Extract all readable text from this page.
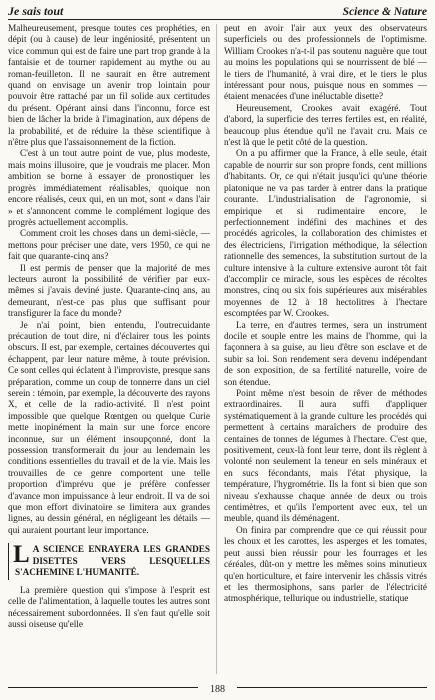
Je sais tout	Science & Nature

Malheureusement, presque toutes ces prophéties, en dépit (ou à cause) de leur ingéniosité, présentent un vice commun qui est de faire une part trop grande à la fantaisie et de tourner rapidement au mythe ou au roman-feuilleton. Il ne saurait en être autrement quand on envisage un avenir trop lointain pour pouvoir être rattaché par un fil solide aux certitudes du présent. Opérant ainsi dans l'inconnu, force est bien de lâcher la bride à l'imagination, aux dépens de la probabilité, et de réduire la thèse scientifique à n'être plus que l'assaisonnement de la fiction.

C'est à un tout autre point de vue, plus modeste, mais moins illusoire, que je voudrais me placer. Mon ambition se borne à essayer de pronostiquer les progrès immédiatement réalisables, quoique non encore réalisés, ceux qui, en un mot, sont « dans l'air » et s'annoncent comme le complément logique des progrès actuellement accomplis.

Comment croit les choses dans un demi-siècle, — mettons pour préciser une date, vers 1950, ce qui ne fait que quarante-cinq ans?

Il est permis de penser que la majorité de mes lecteurs auront la possibilité de vérifier par eux-mêmes si j'avais deviné juste. Quarante-cinq ans, au demeurant, n'est-ce pas plus que suffisant pour transfigurer la face du monde?

Je n'ai point, bien entendu, l'outrecuidante précaution de tout dire, ni d'éclairer tous les points obscurs. Il est, par exemple, certaines découvertes qui échappent, par leur nature même, à toute prévision. Ce sont celles qui éclatent à l'improviste, presque sans préparation, comme un coup de tonnerre dans un ciel serein : témoin, par exemple, la découverte des rayons X, et celle de la radio-activité. Il n'est point impossible que quelque Rœntgen ou quelque Curie mette inopinément la main sur une force encore inconnue, sur un élément insoupçonné, dont la possession transformerait du jour au lendemain les conditions essentielles du travail et de la vie. Mais les trouvailles de ce genre comportent une telle proportion d'imprévu que je préfère confesser d'avance mon impuissance à leur endroit. Il va de soi que mon effort divinatoire se limitera aux grandes lignes, au dessin général, en négligeant les détails — qui auraient pourtant leur importance.

LA SCIENCE ENRAYERA LES GRANDES DISETTES VERS LESQUELLES S'ACHEMINE L'HUMANITÉ.

La première question qui s'impose à l'esprit est celle de l'alimentation, à laquelle toutes les autres sont nécessairement subordonnées. Il s'en faut qu'elle soit aussi oiseuse qu'elle

peut en avoir l'air aux yeux des observateurs superficiels ou des professionnels de l'optimisme. William Crookes n'a-t-il pas soutenu naguère que tout au moins les populations qui se nourrissent de blé — le tiers de l'humanité, à vrai dire, et le tiers le plus intéressant pour nous, puisque nous en sommes — étaient menacées d'une inéluctable disette?

Heureusement, Crookes avait exagéré. Tout d'abord, la superficie des terres fertiles est, en réalité, beaucoup plus étendue qu'il ne l'avait cru. Mais ce n'est là que le petit côté de la question.

On a pu affirmer que la France, à elle seule, était capable de nourrir sur son propre fonds, cent millions d'habitants. Or, ce qui n'était jusqu'ici qu'une théorie platonique ne va pas tarder à entrer dans la pratique courante. L'industrialisation de l'agronomie, si empirique et si rudimentaire encore, le perfectionnement indéfini des machines et des procédés agricoles, la collaboration des chimistes et des électriciens, l'irrigation méthodique, la sélection rationnelle des semences, la substitution surtout de la culture intensive à la culture extensive auront tôt fait d'accomplir ce miracle, sous les espèces de récoltes monstres, cinq ou six fois supérieures aux misérables moyennes de 12 à 18 hectolitres à l'hectare escomptées par W. Crookes.

La terre, en d'autres termes, sera un instrument docile et souple entre les mains de l'homme, qui la façonnera à sa guise, au lieu d'être son esclave et de subir sa loi. Son rendement sera devenu indépendant de son exposition, de sa fertilité naturelle, voire de son étendue.

Point même n'est besoin de rêver de méthodes extraordinaires. Il aura suffi d'appliquer systématiquement à la grande culture les procédés qui permettent à certains maraîchers de produire des centaines de tonnes de légumes à l'hectare. C'est que, positivement, ceux-là font leur terre, dont ils règlent à volonté non seulement la teneur en sels minéraux et en sucs fécondants, mais l'état physique, la température, l'hygrométrie. Ils la font si bien que son niveau s'exhausse chaque année de deux ou trois centimètres, et qu'ils l'emportent avec eux, tel un meuble, quand ils déménagent.

On finira par comprendre que ce qui réussit pour les choux et les carottes, les asperges et les tomates, peut aussi bien réussir pour les fourrages et les céréales, dût-on y mettre les mêmes soins minutieux qu'en horticulture, et faire intervenir les châssis vitrés et les thermosiphons, sans parler de l'électricité atmosphérique, tellurique ou industrielle, statique

188
